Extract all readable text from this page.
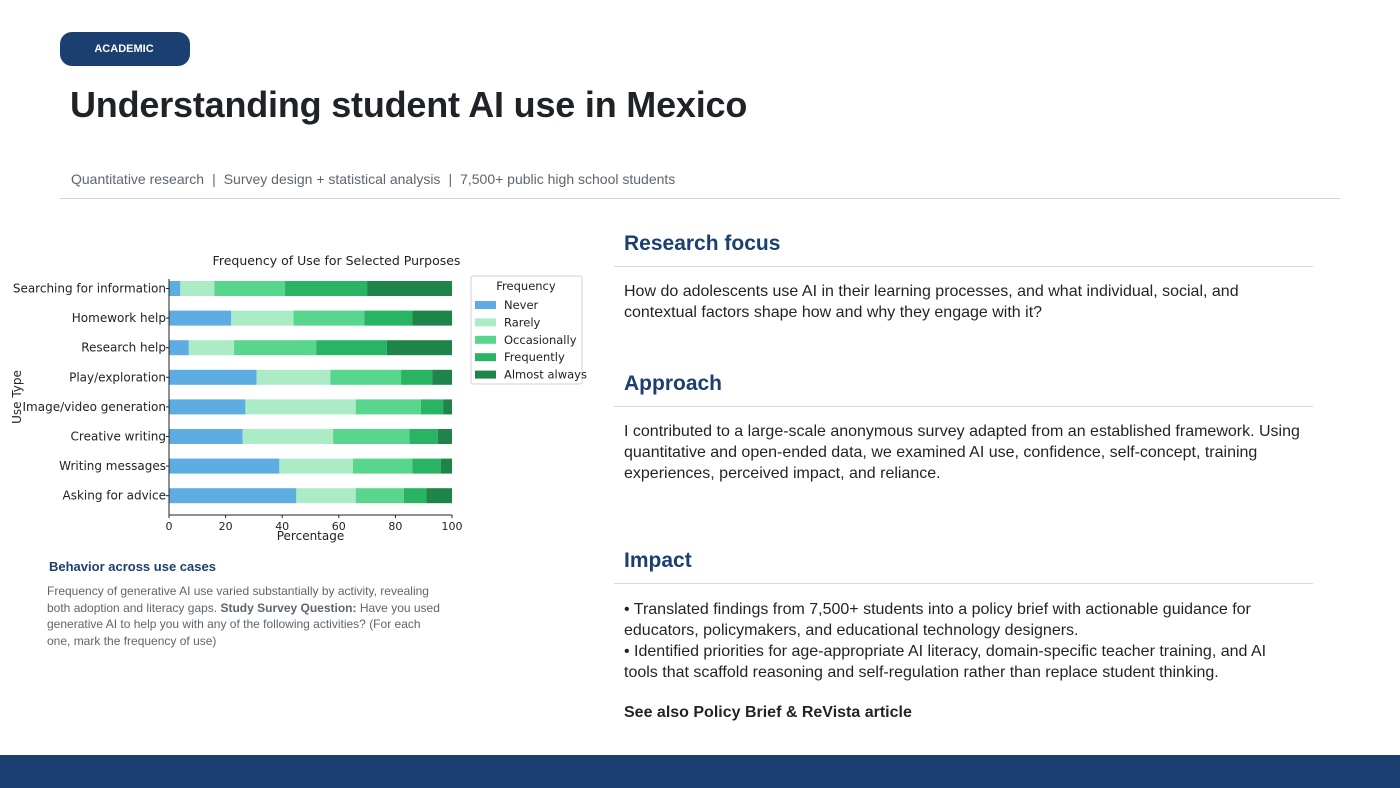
ACADEMIC
Understanding student AI use in Mexico
Quantitative research | Survey design + statistical analysis | 7,500+ public high school students
Frequency of Use for Selected Purposes
Searching for information
Homework help
Research help
Play/exploration
Image/video generation
Creative writing
Writing messages
Asking for advice
0	20	40	60	80	100
Percentage
Use Type
Frequency
Never
Rarely
Occasionally
Frequently
Almost always
Behavior across use cases
Frequency of generative AI use varied substantially by activity, revealing both adoption and literacy gaps. Study Survey Question: Have you used generative AI to help you with any of the following activities? (For each one, mark the frequency of use)
Research focus
How do adolescents use AI in their learning processes, and what individual, social, and contextual factors shape how and why they engage with it?
Approach
I contributed to a large-scale anonymous survey adapted from an established framework. Using quantitative and open-ended data, we examined AI use, confidence, self-concept, training experiences, perceived impact, and reliance.
Impact

• Translated findings from 7,500+ students into a policy brief with actionable guidance for educators, policymakers, and educational technology designers.

• Identified priorities for age-appropriate AI literacy, domain-specific teacher training, and AI tools that scaffold reasoning and self-regulation rather than replace student thinking.

See also Policy Brief & ReVista article
